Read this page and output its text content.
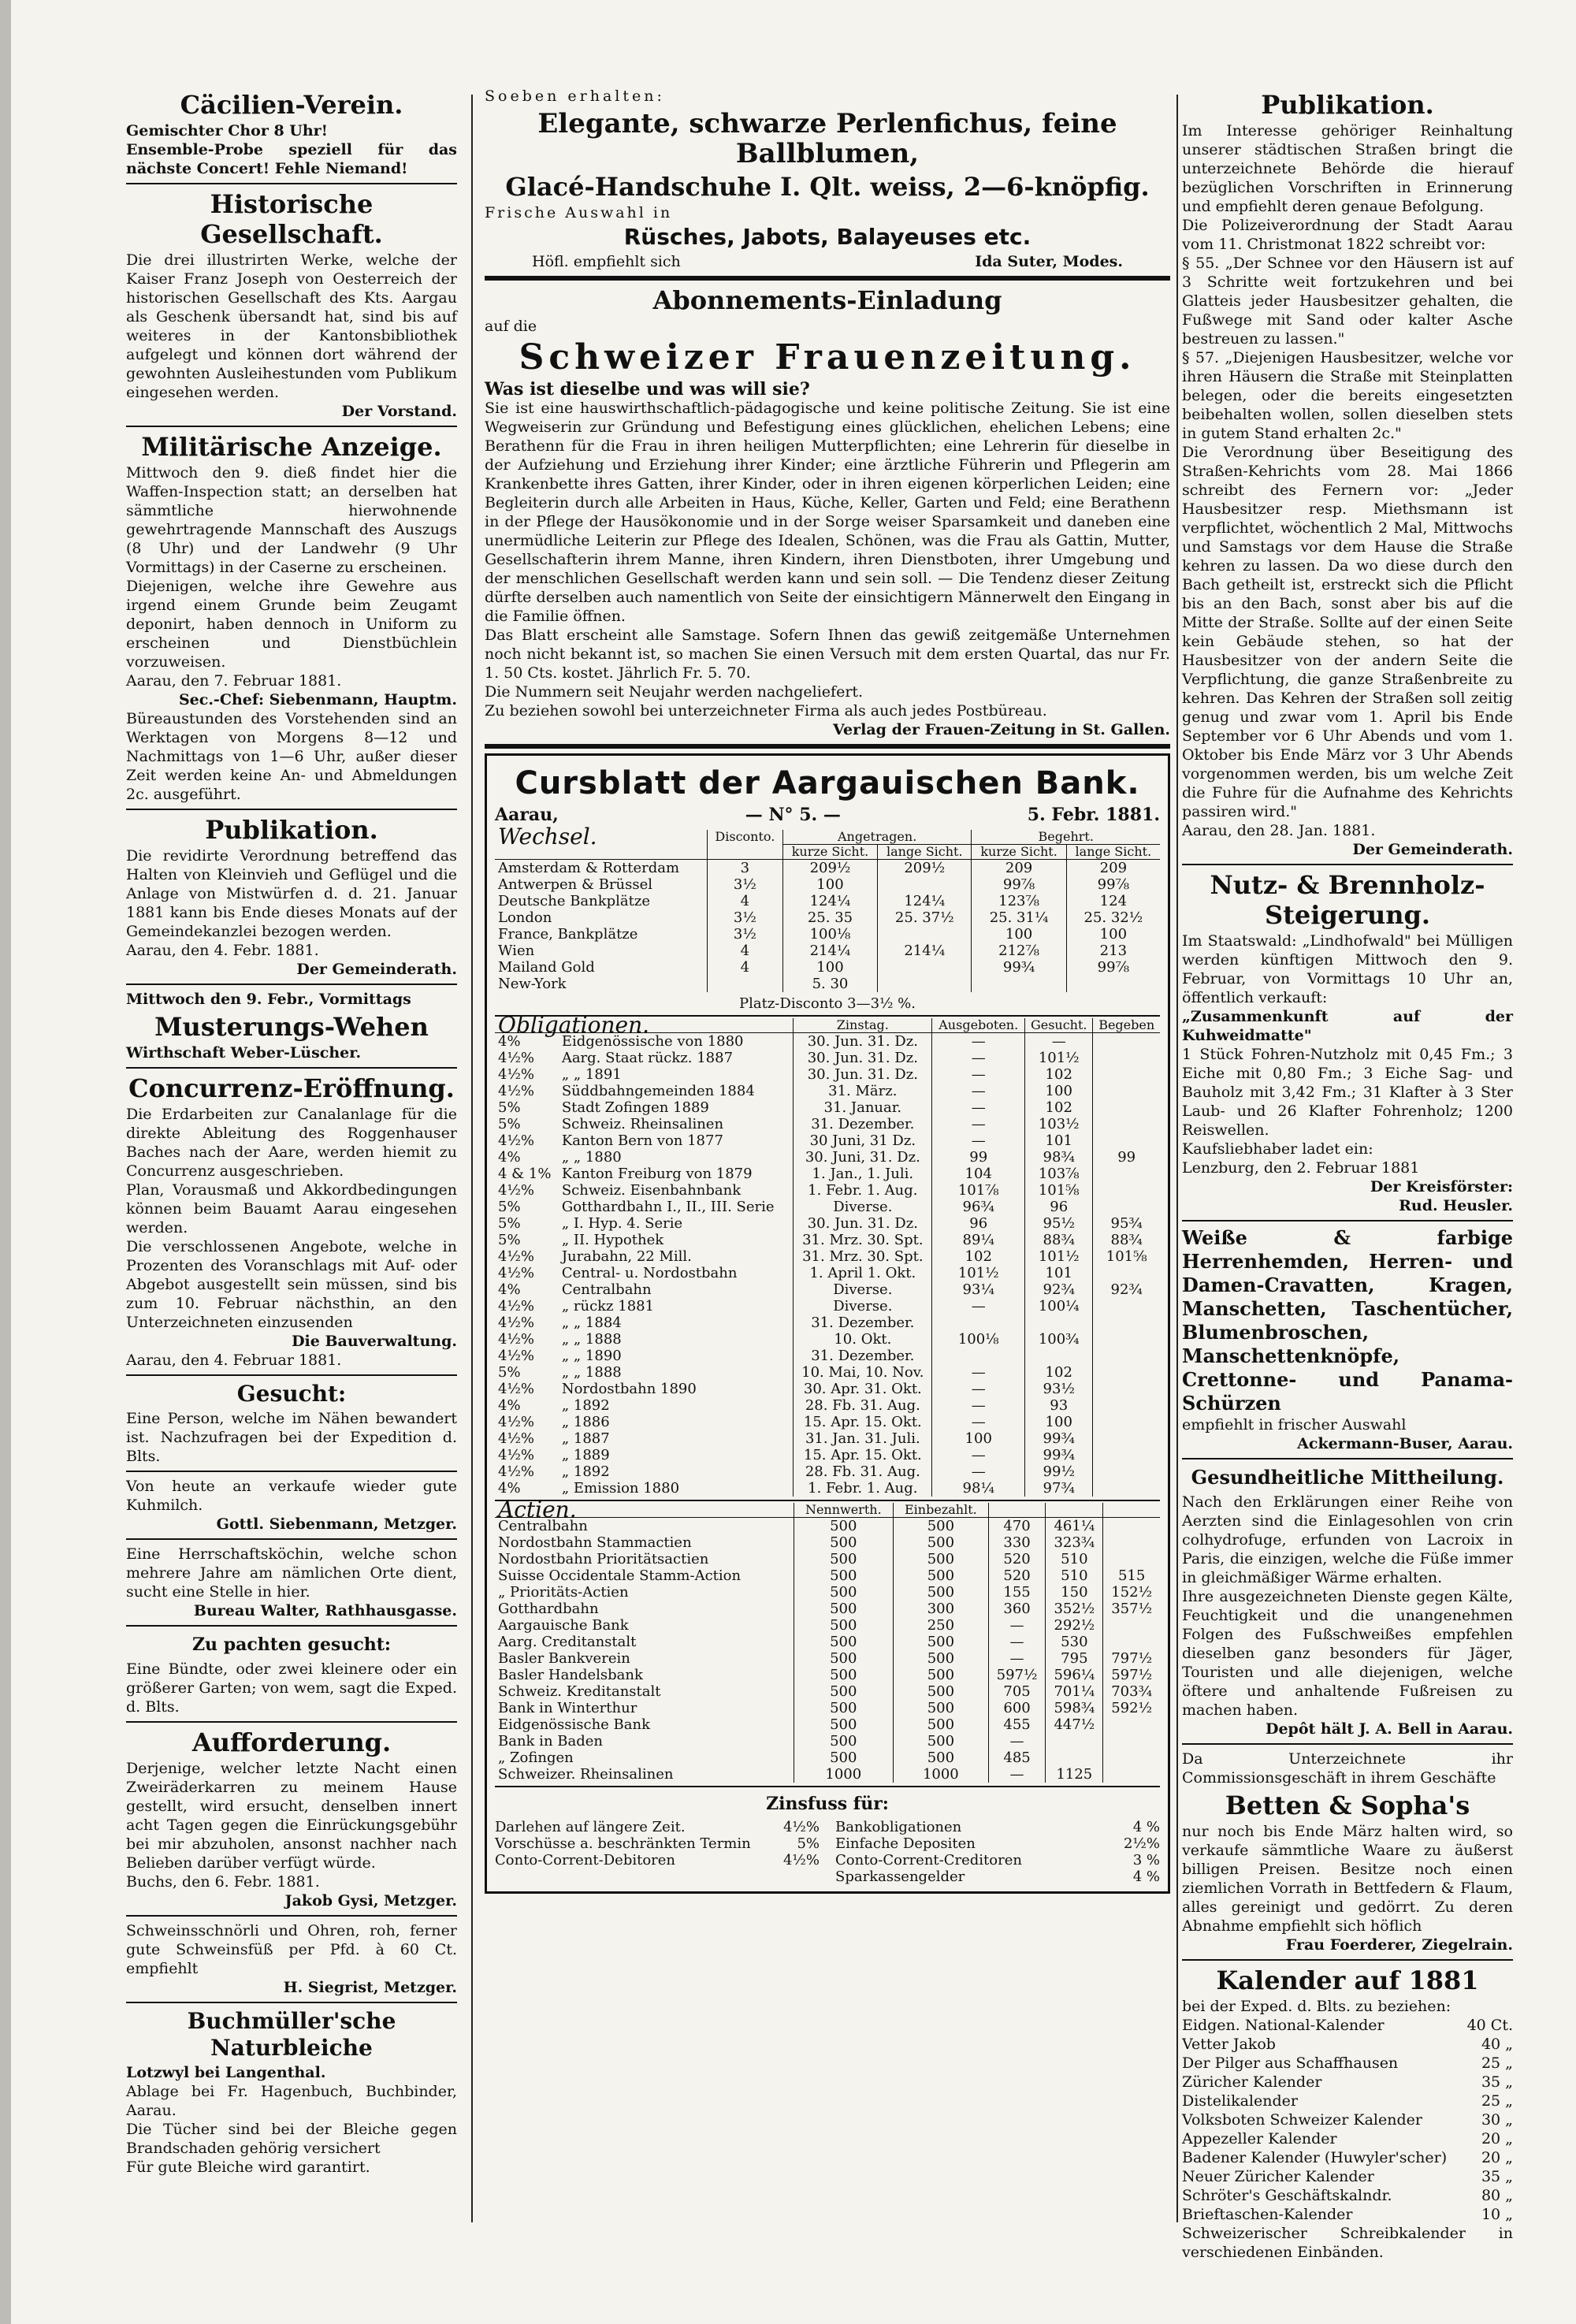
Cäcilien-Verein.

Gemischter Chor 8 Uhr!

Ensemble-Probe speziell für das nächste Concert! Fehle Niemand!

Historische Gesellschaft.

Die drei illustrirten Werke, welche der Kaiser Franz Joseph von Oesterreich der historischen Gesellschaft des Kts. Aargau als Geschenk übersandt hat, sind bis auf weiteres in der Kantonsbibliothek aufgelegt und können dort während der gewohnten Ausleihestunden vom Publikum eingesehen werden.

Der Vorstand.

Militärische Anzeige.

Mittwoch den 9. dieß findet hier die Waffen-Inspection statt; an derselben hat sämmtliche hierwohnende gewehrtragende Mannschaft des Auszugs (8 Uhr) und der Landwehr (9 Uhr Vormittags) in der Caserne zu erscheinen.

Diejenigen, welche ihre Gewehre aus irgend einem Grunde beim Zeugamt deponirt, haben dennoch in Uniform zu erscheinen und Dienstbüchlein vorzuweisen.

Aarau, den 7. Februar 1881.

Sec.-Chef: Siebenmann, Hauptm.

Büreaustunden des Vorstehenden sind an Werktagen von Morgens 8—12 und Nachmittags von 1—6 Uhr, außer dieser Zeit werden keine An- und Abmeldungen 2c. ausgeführt.

Publikation.

Die revidirte Verordnung betreffend das Halten von Kleinvieh und Geflügel und die Anlage von Mistwürfen d. d. 21. Januar 1881 kann bis Ende dieses Monats auf der Gemeindekanzlei bezogen werden.

Aarau, den 4. Febr. 1881.

Der Gemeinderath.

Mittwoch den 9. Febr., Vormittags

Musterungs-Wehen

Wirthschaft Weber-Lüscher.

Concurrenz-Eröffnung.

Die Erdarbeiten zur Canalanlage für die direkte Ableitung des Roggenhauser Baches nach der Aare, werden hiemit zu Concurrenz ausgeschrieben.

Plan, Vorausmaß und Akkordbedingungen können beim Bauamt Aarau eingesehen werden.

Die verschlossenen Angebote, welche in Prozenten des Voranschlags mit Auf- oder Abgebot ausgestellt sein müssen, sind bis zum 10. Februar nächsthin, an den Unterzeichneten einzusenden

Die Bauverwaltung.

Aarau, den 4. Februar 1881.

Gesucht:

Eine Person, welche im Nähen bewandert ist. Nachzufragen bei der Expedition d. Blts.

Von heute an verkaufe wieder gute Kuhmilch.

Gottl. Siebenmann, Metzger.

Eine Herrschaftsköchin, welche schon mehrere Jahre am nämlichen Orte dient, sucht eine Stelle in hier.

Bureau Walter, Rathhausgasse.

Zu pachten gesucht:

Eine Bündte, oder zwei kleinere oder ein größerer Garten; von wem, sagt die Exped. d. Blts.

Aufforderung.

Derjenige, welcher letzte Nacht einen Zweiräderkarren zu meinem Hause gestellt, wird ersucht, denselben innert acht Tagen gegen die Einrückungsgebühr bei mir abzuholen, ansonst nachher nach Belieben darüber verfügt würde.

Buchs, den 6. Febr. 1881.

Jakob Gysi, Metzger.

Schweinsschnörli und Ohren, roh, ferner gute Schweinsfüß per Pfd. à 60 Ct. empfiehlt

H. Siegrist, Metzger.

Buchmüller'sche Naturbleiche

Lotzwyl bei Langenthal.

Ablage bei Fr. Hagenbuch, Buchbinder, Aarau.

Die Tücher sind bei der Bleiche gegen Brandschaden gehörig versichert

Für gute Bleiche wird garantirt.

Soeben erhalten:

Elegante, schwarze Perlenfichus, feine Ballblumen,
Glacé-Handschuhe I. Qlt. weiss, 2—6-knöpfig.

Frische Auswahl in

Rüsches, Jabots, Balayeuses etc.
Höfl. empfiehlt sich	Ida Suter, Modes.
Abonnements-Einladung

auf die

Schweizer Frauenzeitung.

Was ist dieselbe und was will sie?

Sie ist eine hauswirthschaftlich-pädagogische und keine politische Zeitung. Sie ist eine Wegweiserin zur Gründung und Befestigung eines glücklichen, ehelichen Lebens; eine Berathenn für die Frau in ihren heiligen Mutterpflichten; eine Lehrerin für dieselbe in der Aufziehung und Erziehung ihrer Kinder; eine ärztliche Führerin und Pflegerin am Krankenbette ihres Gatten, ihrer Kinder, oder in ihren eigenen körperlichen Leiden; eine Begleiterin durch alle Arbeiten in Haus, Küche, Keller, Garten und Feld; eine Berathenn in der Pflege der Hausökonomie und in der Sorge weiser Sparsamkeit und daneben eine unermüdliche Leiterin zur Pflege des Idealen, Schönen, was die Frau als Gattin, Mutter, Gesellschafterin ihrem Manne, ihren Kindern, ihren Dienstboten, ihrer Umgebung und der menschlichen Gesellschaft werden kann und sein soll. — Die Tendenz dieser Zeitung dürfte derselben auch namentlich von Seite der einsichtigern Männerwelt den Eingang in die Familie öffnen.

Das Blatt erscheint alle Samstage. Sofern Ihnen das gewiß zeitgemäße Unternehmen noch nicht bekannt ist, so machen Sie einen Versuch mit dem ersten Quartal, das nur Fr. 1. 50 Cts. kostet. Jährlich Fr. 5. 70.

Die Nummern seit Neujahr werden nachgeliefert.

Zu beziehen sowohl bei unterzeichneter Firma als auch jedes Postbüreau.

Verlag der Frauen-Zeitung in St. Gallen.

Cursblatt der Aargauischen Bank.
Aarau,	— N° 5. —	5. Febr. 1881.
Wechsel.	Disconto.	Angetragen.		Begehrt.	
		kurze Sicht.	lange Sicht.	kurze Sicht.	lange Sicht.
Amsterdam & Rotterdam	3	209½	209½	209	209
Antwerpen & Brüssel	3½	100		99⅞	99⅞
Deutsche Bankplätze	4	124¼	124¼	123⅞	124
London	3½	25. 35	25. 37½	25. 31¼	25. 32½
France, Bankplätze	3½	100⅛		100	100
Wien	4	214¼	214¼	212⅞	213
Mailand Gold	4	100		99¾	99⅞
New-York		5. 30			
Platz-Disconto 3—3½ %.
Obligationen.		Zinstag.	Ausgeboten.	Gesucht.	Begeben
4%	Eidgenössische von 1880	30. Jun. 31. Dz.	—	—	
4½%	Aarg. Staat rückz. 1887	30. Jun. 31. Dz.	—	101½	
4½%	„ „ 1891	30. Jun. 31. Dz.	—	102	
4½%	Süddbahngemeinden 1884	31. März.	—	100	
5%	Stadt Zofingen 1889	31. Januar.	—	102	
5%	Schweiz. Rheinsalinen	31. Dezember.	—	103½	
4½%	Kanton Bern von 1877	30 Juni, 31 Dz.	—	101	
4%	„ „ 1880	30. Juni, 31. Dz.	99	98¾	99
4 & 1%	Kanton Freiburg von 1879	1. Jan., 1. Juli.	104	103⅞	
4½%	Schweiz. Eisenbahnbank	1. Febr. 1. Aug.	101⅞	101⅝	
5%	Gotthardbahn I., II., III. Serie	Diverse.	96¾	96	
5%	„ I. Hyp. 4. Serie	30. Jun. 31. Dz.	96	95½	95¾
5%	„ II. Hypothek	31. Mrz. 30. Spt.	89¼	88¾	88¾
4½%	Jurabahn, 22 Mill.	31. Mrz. 30. Spt.	102	101½	101⅝
4½%	Central- u. Nordostbahn	1. April 1. Okt.	101½	101	
4%	Centralbahn	Diverse.	93¼	92¾	92¾
4½%	„ rückz 1881	Diverse.	—	100¼	
4½%	„ „ 1884	31. Dezember.			
4½%	„ „ 1888	10. Okt.	100⅛	100¾	
4½%	„ „ 1890	31. Dezember.			
5%	„ „ 1888	10. Mai, 10. Nov.	—	102	
4½%	Nordostbahn 1890	30. Apr. 31. Okt.	—	93½	
4%	„ 1892	28. Fb. 31. Aug.	—	93	
4½%	„ 1886	15. Apr. 15. Okt.	—	100	
4½%	„ 1887	31. Jan. 31. Juli.	100	99¾	
4½%	„ 1889	15. Apr. 15. Okt.	—	99¾	
4½%	„ 1892	28. Fb. 31. Aug.	—	99½	
4%	„ Emission 1880	1. Febr. 1. Aug.	98¼	97¾	
Actien.	Nennwerth.	Einbezahlt.			
Centralbahn	500	500	470	461¼	
Nordostbahn Stammactien	500	500	330	323¾	
Nordostbahn Prioritätsactien	500	500	520	510	
Suisse Occidentale Stamm-Action	500	500	520	510	515
„ Prioritäts-Actien	500	500	155	150	152½
Gotthardbahn	500	300	360	352½	357½
Aargauische Bank	500	250	—	292½	
Aarg. Creditanstalt	500	500	—	530	
Basler Bankverein	500	500	—	795	797½
Basler Handelsbank	500	500	597½	596¼	597½
Schweiz. Kreditanstalt	500	500	705	701¼	703¾
Bank in Winterthur	500	500	600	598¾	592½
Eidgenössische Bank	500	500	455	447½	
Bank in Baden	500	500	—		
„ Zofingen	500	500	485		
Schweizer. Rheinsalinen	1000	1000	—	1125	
Zinsfuss für:
Darlehen auf längere Zeit.	4½%
Vorschüsse a. beschränkten Termin	5%
Conto-Corrent-Debitoren	4½%
Bankobligationen	4 %
Einfache Depositen	2½%
Conto-Corrent-Creditoren	3 %
Sparkassengelder	4 %
Publikation.

Im Interesse gehöriger Reinhaltung unserer städtischen Straßen bringt die unterzeichnete Behörde die hierauf bezüglichen Vorschriften in Erinnerung und empfiehlt deren genaue Befolgung.

Die Polizeiverordnung der Stadt Aarau vom 11. Christmonat 1822 schreibt vor:

§ 55. „Der Schnee vor den Häusern ist auf 3 Schritte weit fortzukehren und bei Glatteis jeder Hausbesitzer gehalten, die Fußwege mit Sand oder kalter Asche bestreuen zu lassen."

§ 57. „Diejenigen Hausbesitzer, welche vor ihren Häusern die Straße mit Steinplatten belegen, oder die bereits eingesetzten beibehalten wollen, sollen dieselben stets in gutem Stand erhalten 2c."

Die Verordnung über Beseitigung des Straßen-Kehrichts vom 28. Mai 1866 schreibt des Fernern vor: „Jeder Hausbesitzer resp. Miethsmann ist verpflichtet, wöchentlich 2 Mal, Mittwochs und Samstags vor dem Hause die Straße kehren zu lassen. Da wo diese durch den Bach getheilt ist, erstreckt sich die Pflicht bis an den Bach, sonst aber bis auf die Mitte der Straße. Sollte auf der einen Seite kein Gebäude stehen, so hat der Hausbesitzer von der andern Seite die Verpflichtung, die ganze Straßenbreite zu kehren. Das Kehren der Straßen soll zeitig genug und zwar vom 1. April bis Ende September vor 6 Uhr Abends und vom 1. Oktober bis Ende März vor 3 Uhr Abends vorgenommen werden, bis um welche Zeit die Fuhre für die Aufnahme des Kehrichts passiren wird."

Aarau, den 28. Jan. 1881.

Der Gemeinderath.

Nutz- & Brennholz-Steigerung.

Im Staatswald: „Lindhofwald" bei Mülligen werden künftigen Mittwoch den 9. Februar, von Vormittags 10 Uhr an, öffentlich verkauft:

„Zusammenkunft auf der Kuhweidmatte"

1 Stück Fohren-Nutzholz mit 0,45 Fm.; 3 Eiche mit 0,80 Fm.; 3 Eiche Sag- und Bauholz mit 3,42 Fm.; 31 Klafter à 3 Ster Laub- und 26 Klafter Fohrenholz; 1200 Reiswellen.

Kaufsliebhaber ladet ein:

Lenzburg, den 2. Februar 1881

Der Kreisförster:

Rud. Heusler.

Weiße & farbige Herrenhemden, Herren- und Damen-Cravatten, Kragen, Manschetten, Taschentücher, Blumenbroschen, Manschettenknöpfe, Crettonne- und Panama-Schürzen

empfiehlt in frischer Auswahl

Ackermann-Buser, Aarau.

Gesundheitliche Mittheilung.

Nach den Erklärungen einer Reihe von Aerzten sind die Einlagesohlen von crin colhydrofuge, erfunden von Lacroix in Paris, die einzigen, welche die Füße immer in gleichmäßiger Wärme erhalten.

Ihre ausgezeichneten Dienste gegen Kälte, Feuchtigkeit und die unangenehmen Folgen des Fußschweißes empfehlen dieselben ganz besonders für Jäger, Touristen und alle diejenigen, welche öftere und anhaltende Fußreisen zu machen haben.

Depôt hält J. A. Bell in Aarau.

Da Unterzeichnete ihr Commissionsgeschäft in ihrem Geschäfte

Betten & Sopha's

nur noch bis Ende März halten wird, so verkaufe sämmtliche Waare zu äußerst billigen Preisen. Besitze noch einen ziemlichen Vorrath in Bettfedern & Flaum, alles gereinigt und gedörrt. Zu deren Abnahme empfiehlt sich höflich

Frau Foerderer, Ziegelrain.

Kalender auf 1881

bei der Exped. d. Blts. zu beziehen:

Eidgen. National-Kalender	40 Ct.
Vetter Jakob	40 „
Der Pilger aus Schaffhausen	25 „
Züricher Kalender	35 „
Distelikalender	25 „
Volksboten Schweizer Kalender	30 „
Appezeller Kalender	20 „
Badener Kalender (Huwyler'scher) 20 „
Neuer Züricher Kalender	35 „
Schröter's Geschäftskalndr.	80 „
Brieftaschen-Kalender	10 „

Schweizerischer Schreibkalender in verschiedenen Einbänden.
